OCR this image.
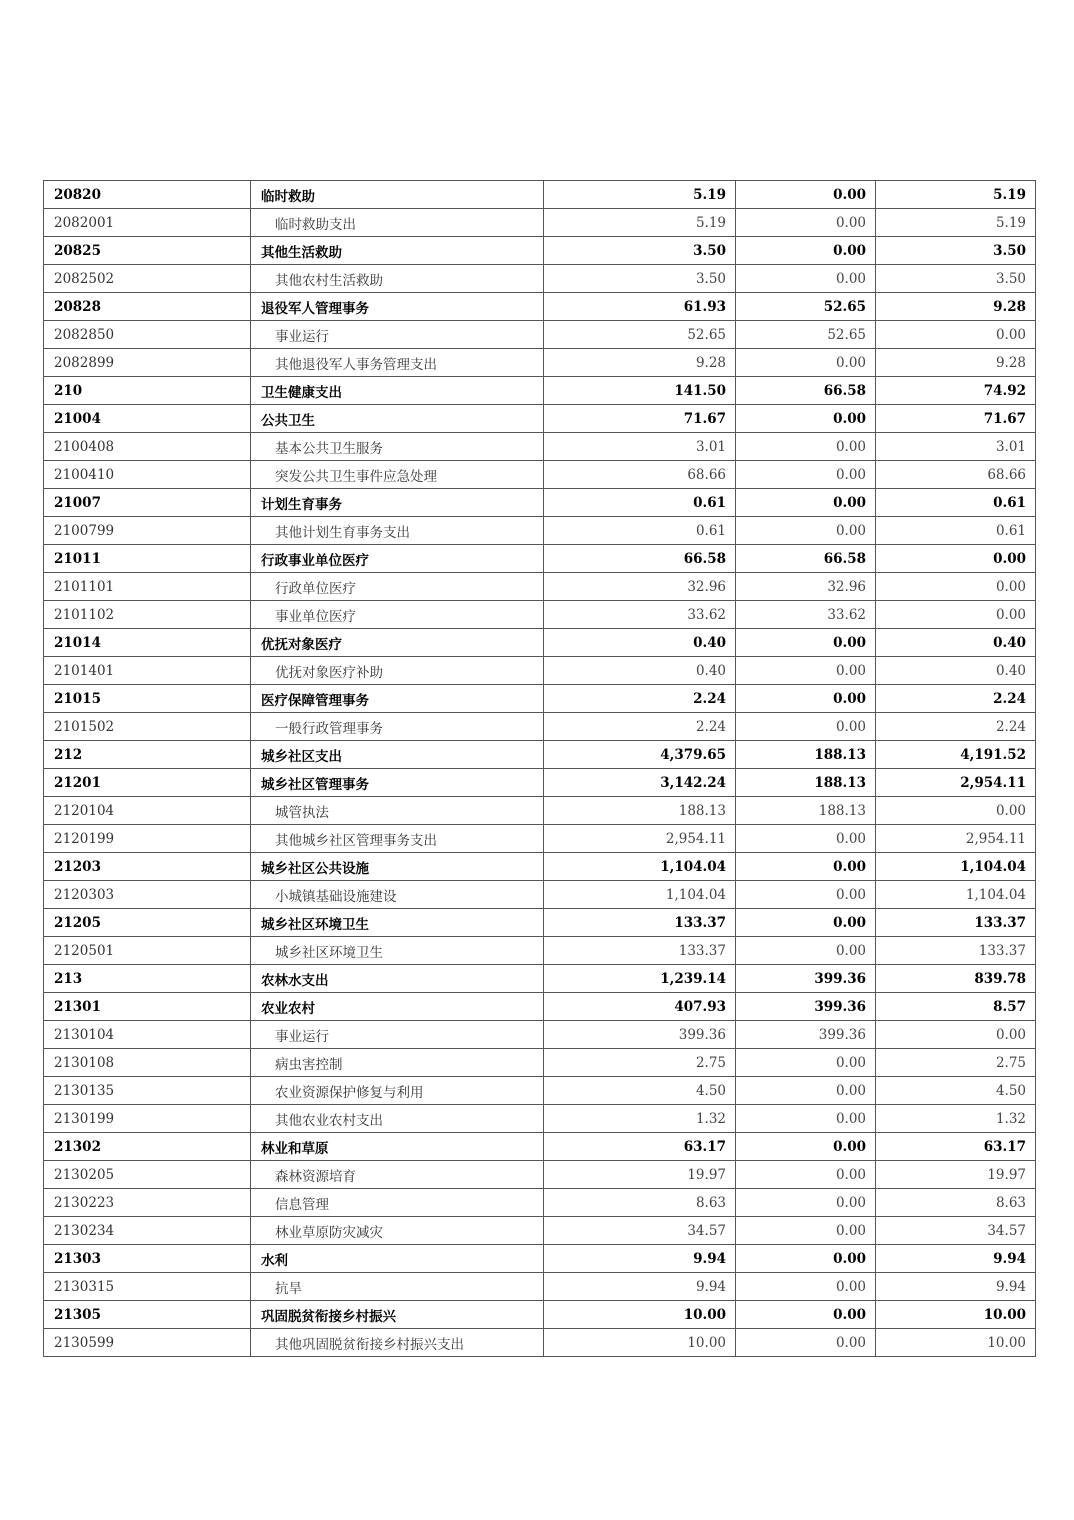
20820	临时救助	5.19	0.00	5.19
2082001	临时救助支出	5.19	0.00	5.19
20825	其他生活救助	3.50	0.00	3.50
2082502	其他农村生活救助	3.50	0.00	3.50
20828	退役军人管理事务	61.93	52.65	9.28
2082850	事业运行	52.65	52.65	0.00
2082899	其他退役军人事务管理支出	9.28	0.00	9.28
210	卫生健康支出	141.50	66.58	74.92
21004	公共卫生	71.67	0.00	71.67
2100408	基本公共卫生服务	3.01	0.00	3.01
2100410	突发公共卫生事件应急处理	68.66	0.00	68.66
21007	计划生育事务	0.61	0.00	0.61
2100799	其他计划生育事务支出	0.61	0.00	0.61
21011	行政事业单位医疗	66.58	66.58	0.00
2101101	行政单位医疗	32.96	32.96	0.00
2101102	事业单位医疗	33.62	33.62	0.00
21014	优抚对象医疗	0.40	0.00	0.40
2101401	优抚对象医疗补助	0.40	0.00	0.40
21015	医疗保障管理事务	2.24	0.00	2.24
2101502	一般行政管理事务	2.24	0.00	2.24
212	城乡社区支出	4,379.65	188.13	4,191.52
21201	城乡社区管理事务	3,142.24	188.13	2,954.11
2120104	城管执法	188.13	188.13	0.00
2120199	其他城乡社区管理事务支出	2,954.11	0.00	2,954.11
21203	城乡社区公共设施	1,104.04	0.00	1,104.04
2120303	小城镇基础设施建设	1,104.04	0.00	1,104.04
21205	城乡社区环境卫生	133.37	0.00	133.37
2120501	城乡社区环境卫生	133.37	0.00	133.37
213	农林水支出	1,239.14	399.36	839.78
21301	农业农村	407.93	399.36	8.57
2130104	事业运行	399.36	399.36	0.00
2130108	病虫害控制	2.75	0.00	2.75
2130135	农业资源保护修复与利用	4.50	0.00	4.50
2130199	其他农业农村支出	1.32	0.00	1.32
21302	林业和草原	63.17	0.00	63.17
2130205	森林资源培育	19.97	0.00	19.97
2130223	信息管理	8.63	0.00	8.63
2130234	林业草原防灾减灾	34.57	0.00	34.57
21303	水利	9.94	0.00	9.94
2130315	抗旱	9.94	0.00	9.94
21305	巩固脱贫衔接乡村振兴	10.00	0.00	10.00
2130599	其他巩固脱贫衔接乡村振兴支出	10.00	0.00	10.00
